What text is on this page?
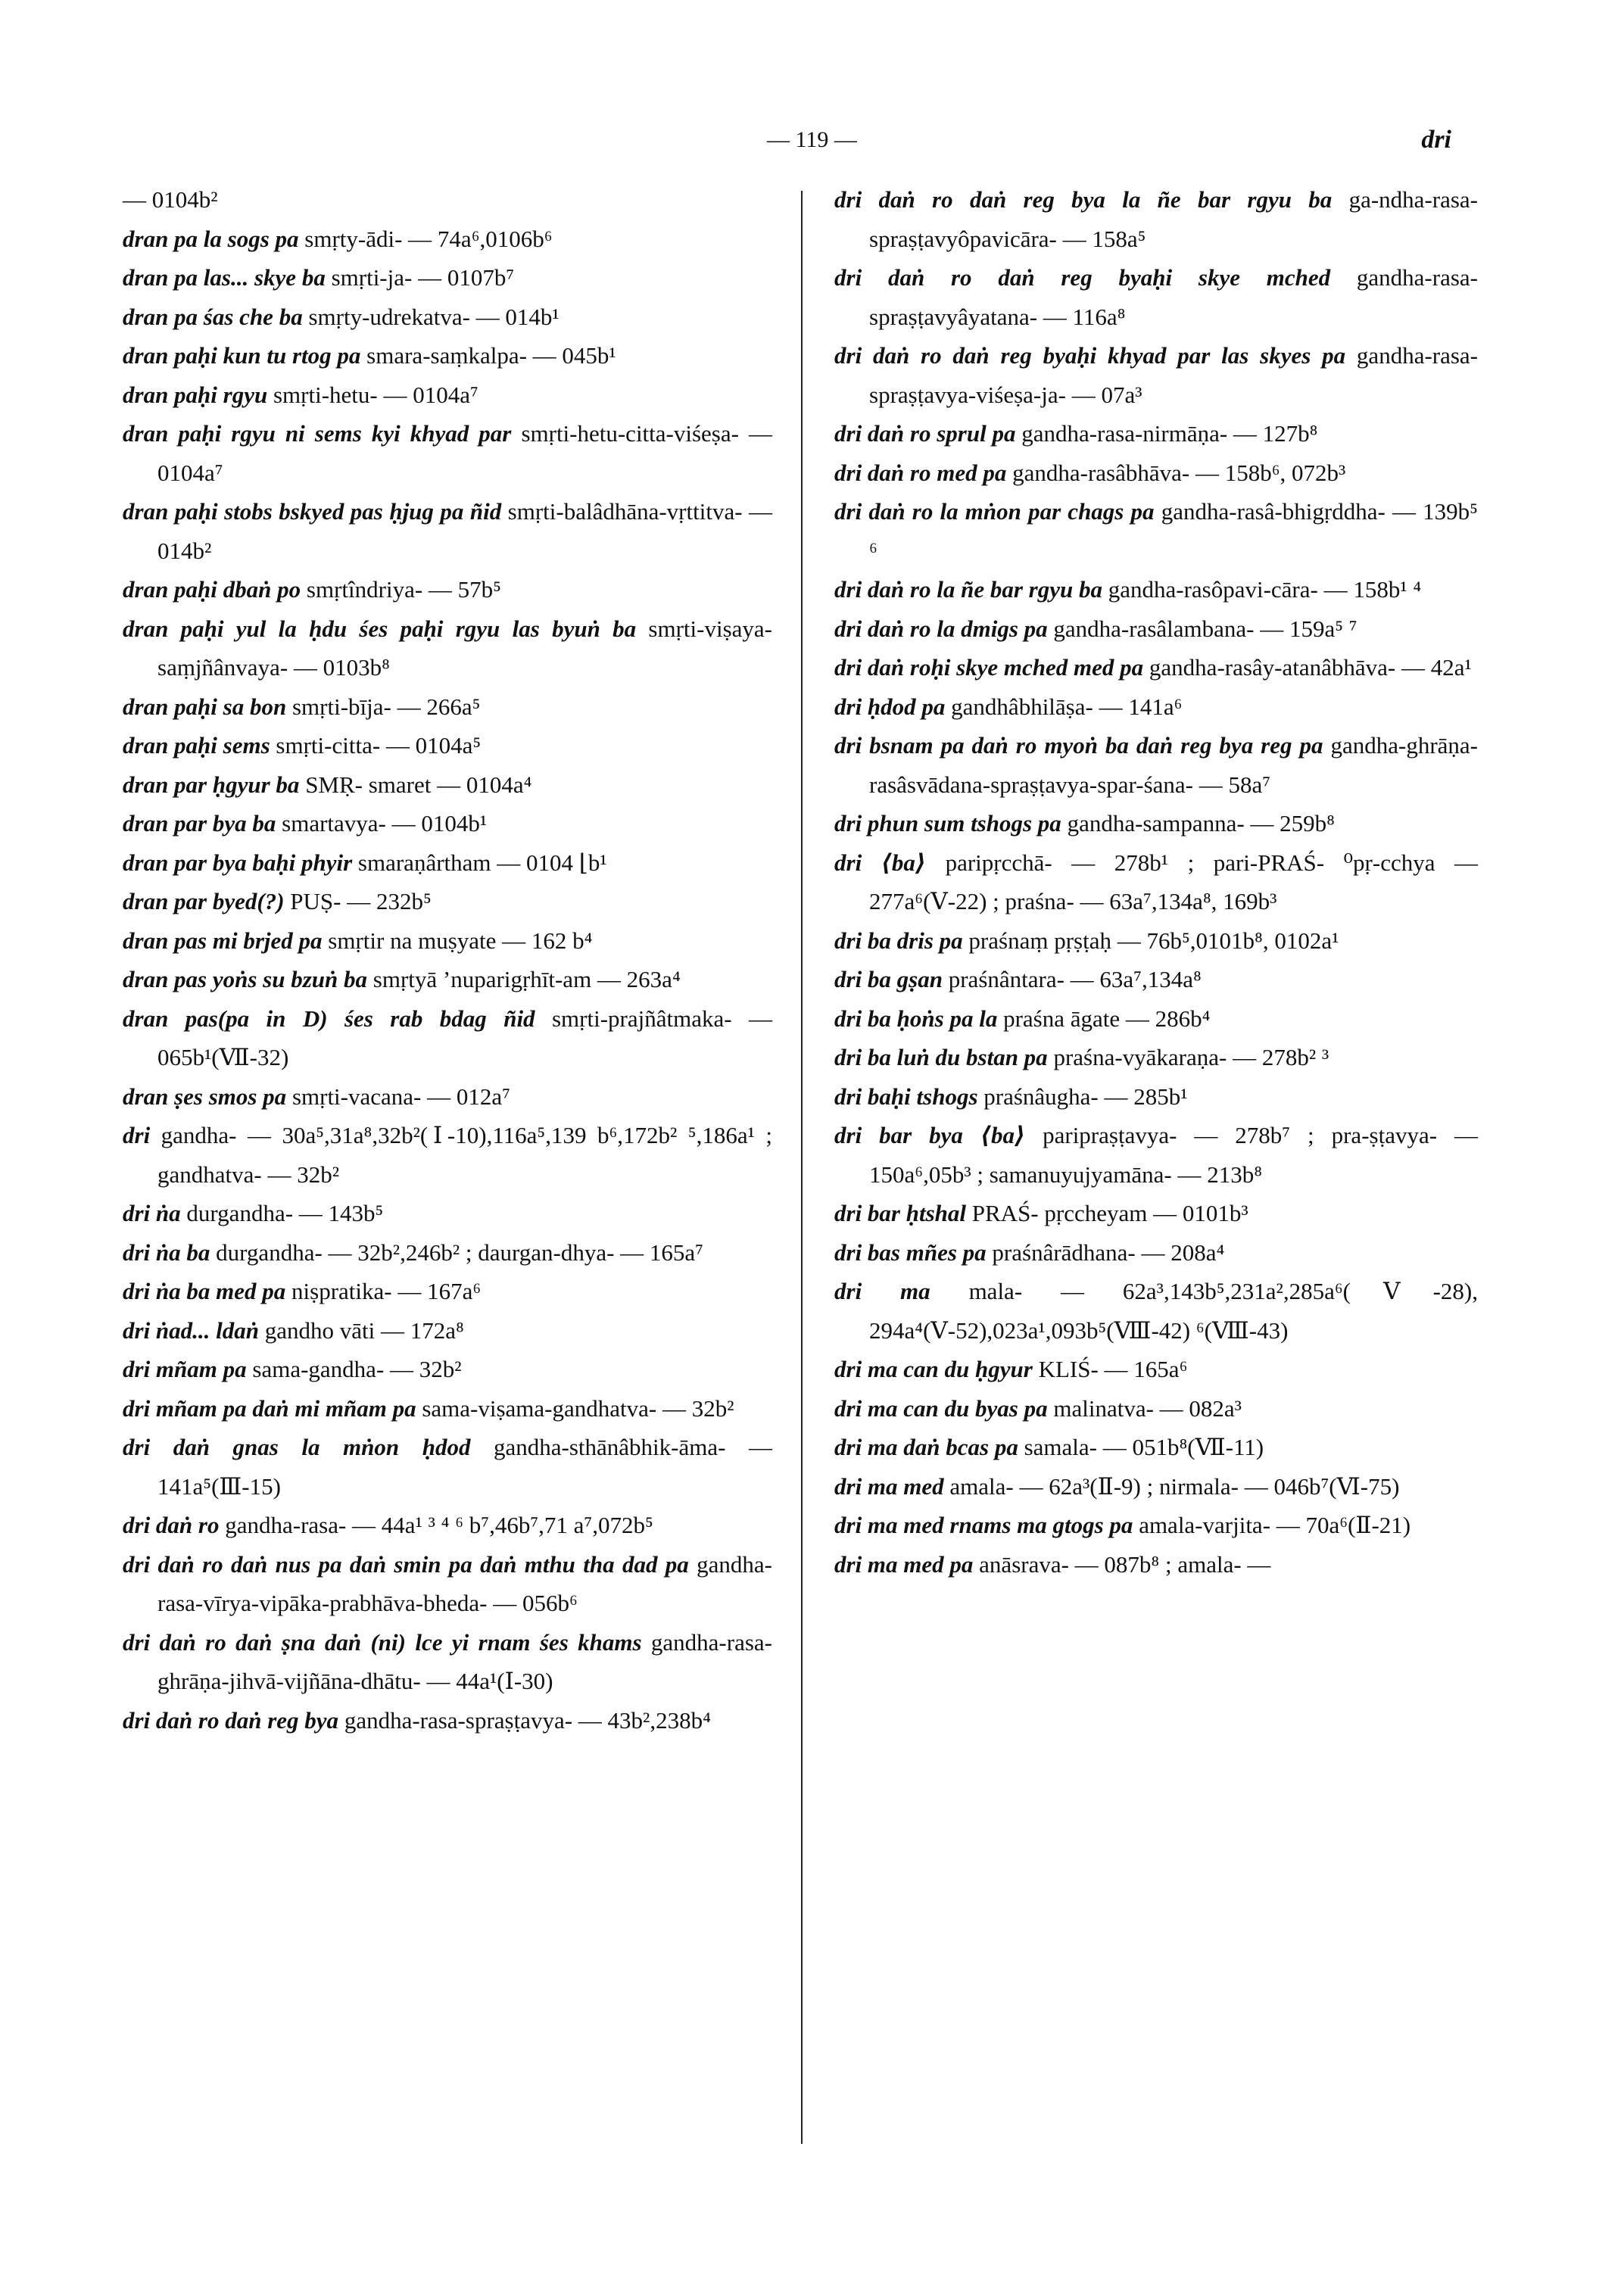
— 119 —	dri
— 0104b²
dran pa la sogs pa smṛty-ādi- — 74a⁶,0106b⁶
dran pa las... skye ba smṛti-ja- — 0107b⁷
dran pa śas che ba smṛty-udrekatva- — 014b¹
dran paḥi kun tu rtog pa smara-saṃkalpa- — 045b¹
dran paḥi rgyu smṛti-hetu- — 0104a⁷
dran paḥi rgyu ni sems kyi khyad par smṛti-hetu-citta-viśeṣa- — 0104a⁷
dran paḥi stobs bskyed pas ḥjug pa ñid smṛti-balâdhāna-vṛttitva- — 014b²
dran paḥi dbaṅ po smṛtîndriya- — 57b⁵
dran paḥi yul la ḥdu śes paḥi rgyu las byuṅ ba smṛti-viṣaya-saṃjñânvaya- — 0103b⁸
dran paḥi sa bon smṛti-bīja- — 266a⁵
dran paḥi sems smṛti-citta- — 0104a⁵
dran par ḥgyur ba SMṚ- smaret — 0104a⁴
dran par bya ba smartavya- — 0104b¹
dran par bya baḥi phyir smaraṇârtham — 0104 ⌊b¹
dran par byed(?) PUṢ- — 232b⁵
dran pas mi brjed pa smṛtir na muṣyate — 162 b⁴
dran pas yoṅs su bzuṅ ba smṛtyā ’nuparigṛhīt-am — 263a⁴
dran pas(pa in D) śes rab bdag ñid smṛti-prajñâtmaka- — 065b¹(Ⅶ-32)
dran ṣes smos pa smṛti-vacana- — 012a⁷
dri gandha- — 30a⁵,31a⁸,32b²(Ⅰ-10),116a⁵,139 b⁶,172b² ⁵,186a¹ ; gandhatva- — 32b²
dri ṅa durgandha- — 143b⁵
dri ṅa ba durgandha- — 32b²,246b² ; daurgan-dhya- — 165a⁷
dri ṅa ba med pa niṣpratika- — 167a⁶
dri ṅad... ldaṅ gandho vāti — 172a⁸
dri mñam pa sama-gandha- — 32b²
dri mñam pa daṅ mi mñam pa sama-viṣama-gandhatva- — 32b²
dri daṅ gnas la mṅon ḥdod gandha-sthānâbhik-āma- — 141a⁵(Ⅲ-15)
dri daṅ ro gandha-rasa- — 44a¹ ³ ⁴ ⁶ b⁷,46b⁷,71 a⁷,072b⁵
dri daṅ ro daṅ nus pa daṅ smin pa daṅ mthu tha dad pa gandha-rasa-vīrya-vipāka-prabhāva-bheda- — 056b⁶
dri daṅ ro daṅ ṣna daṅ (ni) lce yi rnam śes khams gandha-rasa-ghrāṇa-jihvā-vijñāna-dhātu- — 44a¹(Ⅰ-30)
dri daṅ ro daṅ reg bya gandha-rasa-spraṣṭavya- — 43b²,238b⁴
dri daṅ ro daṅ reg bya la ñe bar rgyu ba ga-ndha-rasa-spraṣṭavyôpavicāra- — 158a⁵
dri daṅ ro daṅ reg byaḥi skye mched gandha-rasa-spraṣṭavyâyatana- — 116a⁸
dri daṅ ro daṅ reg byaḥi khyad par las skyes pa gandha-rasa-spraṣṭavya-viśeṣa-ja- — 07a³
dri daṅ ro sprul pa gandha-rasa-nirmāṇa- — 127b⁸
dri daṅ ro med pa gandha-rasâbhāva- — 158b⁶, 072b³
dri daṅ ro la mṅon par chags pa gandha-rasâ-bhigṛddha- — 139b⁵ ⁶
dri daṅ ro la ñe bar rgyu ba gandha-rasôpavi-cāra- — 158b¹ ⁴
dri daṅ ro la dmigs pa gandha-rasâlambana- — 159a⁵ ⁷
dri daṅ roḥi skye mched med pa gandha-rasây-atanâbhāva- — 42a¹
dri ḥdod pa gandhâbhilāṣa- — 141a⁶
dri bsnam pa daṅ ro myoṅ ba daṅ reg bya reg pa gandha-ghrāṇa-rasâsvādana-spraṣṭavya-spar-śana- — 58a⁷
dri phun sum tshogs pa gandha-sampanna- — 259b⁸
dri ⟨ba⟩ paripṛcchā- — 278b¹ ; pari-PRAŚ- ⁰pṛ-cchya — 277a⁶(Ⅴ-22) ; praśna- — 63a⁷,134a⁸, 169b³
dri ba dris pa praśnaṃ pṛṣṭaḥ — 76b⁵,0101b⁸, 0102a¹
dri ba gṣan praśnântara- — 63a⁷,134a⁸
dri ba ḥoṅs pa la praśna āgate — 286b⁴
dri ba luṅ du bstan pa praśna-vyākaraṇa- — 278b² ³
dri baḥi tshogs praśnâugha- — 285b¹
dri bar bya ⟨ba⟩ paripraṣṭavya- — 278b⁷ ; pra-ṣṭavya- — 150a⁶,05b³ ; samanuyujyamāna- — 213b⁸
dri bar ḥtshal PRAŚ- pṛccheyam — 0101b³
dri bas mñes pa praśnârādhana- — 208a⁴
dri ma mala- — 62a³,143b⁵,231a²,285a⁶(Ⅴ-28), 294a⁴(Ⅴ-52),023a¹,093b⁵(Ⅷ-42) ⁶(Ⅷ-43)
dri ma can du ḥgyur KLIŚ- — 165a⁶
dri ma can du byas pa malinatva- — 082a³
dri ma daṅ bcas pa samala- — 051b⁸(Ⅶ-11)
dri ma med amala- — 62a³(Ⅱ-9) ; nirmala- — 046b⁷(Ⅵ-75)
dri ma med rnams ma gtogs pa amala-varjita- — 70a⁶(Ⅱ-21)
dri ma med pa anāsrava- — 087b⁸ ; amala- —
